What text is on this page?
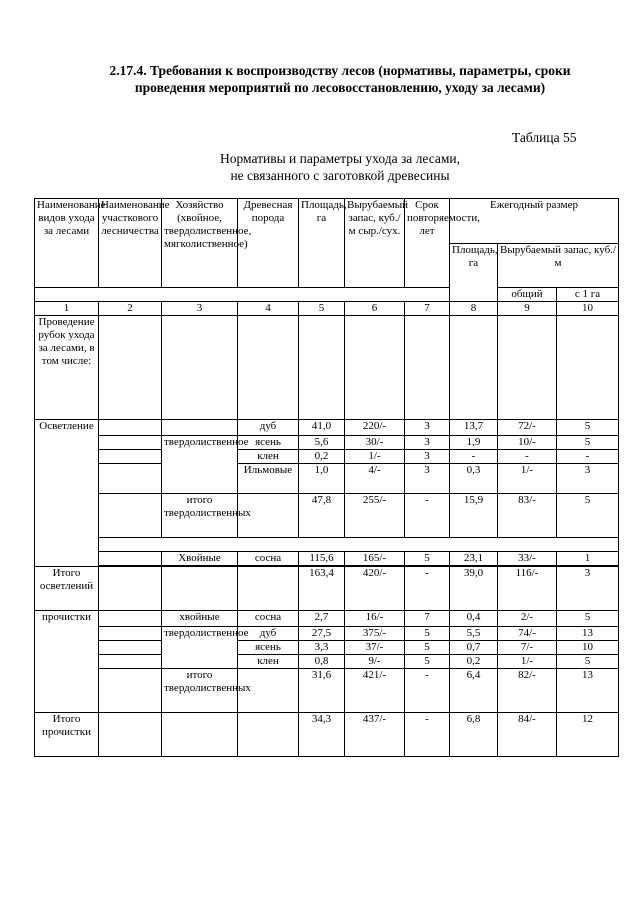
2.17.4. Требования к воспроизводству лесов (нормативы, параметры, сроки проведения мероприятий по лесовосстановлению, уходу за лесами)
Таблица 55
Нормативы и параметры ухода за лесами,
не связанного с заготовкой древесины
Наименование видов ухода за лесами	Наименование участкового лесничества	Хозяйство (хвойное, твердолиственное, мягколиственное)	Древесная порода	Площадь, га	Вырубаемый запас, куб./м сыр./сух.	Срок повторяемости, лет	Ежегодный размер		
							Площадь, га	Вырубаемый запас, куб./м	
								общий	с 1 га
1	2	3	4	5	6	7	8	9	10
Проведение рубок ухода за лесами, в том числе:									
Осветление			дуб	41,0	220/-	3	13,7	72/-	5
		твердолиственное	ясень	5,6	30/-	3	1,9	10/-	5
			клен	0,2	1/-	3	-	-	-
			Ильмовые	1,0	4/-	3	0,3	1/-	3
		итого твердолиственных		47,8	255/-	-	15,9	83/-	5

		Хвойные	сосна	115,6	165/-	5	23,1	33/-	1

Итого осветлений				163,4	420/-	-	39,0	116/-	3
прочистки		хвойные	сосна	2,7	16/-	7	0,4	2/-	5
		твердолиственное	дуб	27,5	375/-	5	5,5	74/-	13
			ясень	3,3	37/-	5	0,7	7/-	10
			клен	0,8	9/-	5	0,2	1/-	5
		итого твердолиственных		31,6	421/-	-	6,4	82/-	13
Итого прочистки				34,3	437/-	-	6,8	84/-	12
